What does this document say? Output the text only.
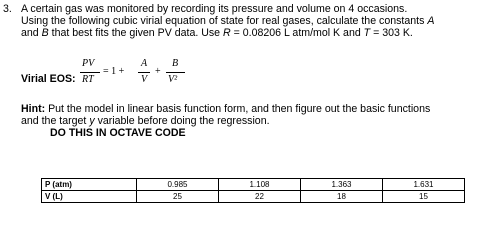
3. A certain gas was monitored by recording its pressure and volume on 4 occasions.
Using the following cubic virial equation of state for real gases, calculate the constants A
and B that best fits the given PV data. Use R = 0.08206 L atm/mol K and T = 303 K.
Virial EOS:
PV
RT
= 1 +
A
V
+
B
V²
Hint: Put the model in linear basis function form, and then figure out the basic functions
and the target y variable before doing the regression.
DO THIS IN OCTAVE CODE
P (atm)	0.985	1.108	1.363	1.631
V (L)	25	22	18	15
